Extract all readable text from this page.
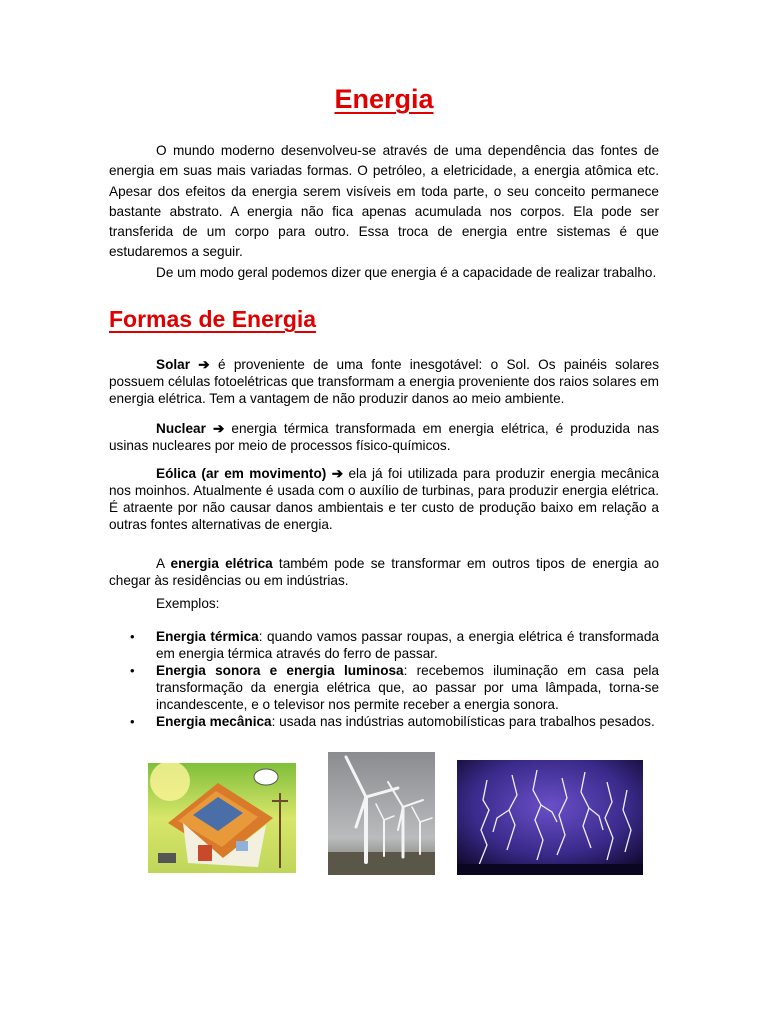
Energia

O mundo moderno desenvolveu-se através de uma dependência das fontes de energia em suas mais variadas formas. O petróleo, a eletricidade, a energia atômica etc. Apesar dos efeitos da energia serem visíveis em toda parte, o seu conceito permanece bastante abstrato. A energia não fica apenas acumulada nos corpos. Ela pode ser transferida de um corpo para outro. Essa troca de energia entre sistemas é que estudaremos a seguir.

De um modo geral podemos dizer que energia é a capacidade de realizar trabalho.

Formas de Energia

Solar ➔ é proveniente de uma fonte inesgotável: o Sol. Os painéis solares possuem células fotoelétricas que transformam a energia proveniente dos raios solares em energia elétrica. Tem a vantagem de não produzir danos ao meio ambiente.

Nuclear ➔ energia térmica transformada em energia elétrica, é produzida nas usinas nucleares por meio de processos físico-químicos.

Eólica (ar em movimento) ➔ ela já foi utilizada para produzir energia mecânica nos moinhos. Atualmente é usada com o auxílio de turbinas, para produzir energia elétrica. É atraente por não causar danos ambientais e ter custo de produção baixo em relação a outras fontes alternativas de energia.

A energia elétrica também pode se transformar em outros tipos de energia ao chegar às residências ou em indústrias.

Exemplos:

• Energia térmica: quando vamos passar roupas, a energia elétrica é transformada em energia térmica através do ferro de passar.
• Energia sonora e energia luminosa: recebemos iluminação em casa pela transformação da energia elétrica que, ao passar por uma lâmpada, torna-se incandescente, e o televisor nos permite receber a energia sonora.
• Energia mecânica: usada nas indústrias automobilísticas para trabalhos pesados.
